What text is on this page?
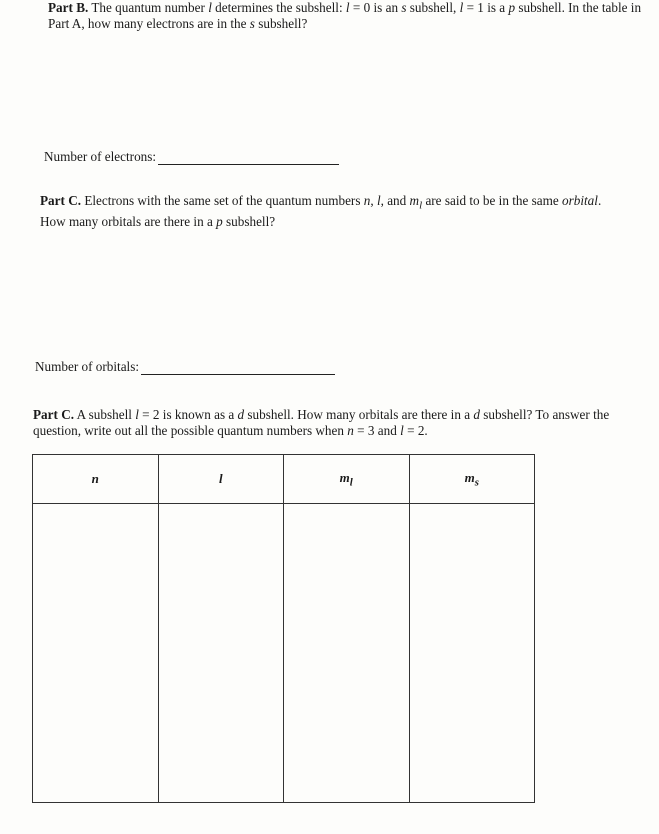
Part B. The quantum number l determines the subshell: l = 0 is an s subshell, l = 1 is a p subshell. In the table in Part A, how many electrons are in the s subshell?
Number of electrons:
Part C. Electrons with the same set of the quantum numbers n, l, and $m_l$ are said to be in the same orbital. How many orbitals are there in a p subshell?
Number of orbitals:
Part C. A subshell l = 2 is known as a d subshell. How many orbitals are there in a d subshell? To answer the question, write out all the possible quantum numbers when n = 3 and l = 2.
n	l	$m_l$	$m_s$
